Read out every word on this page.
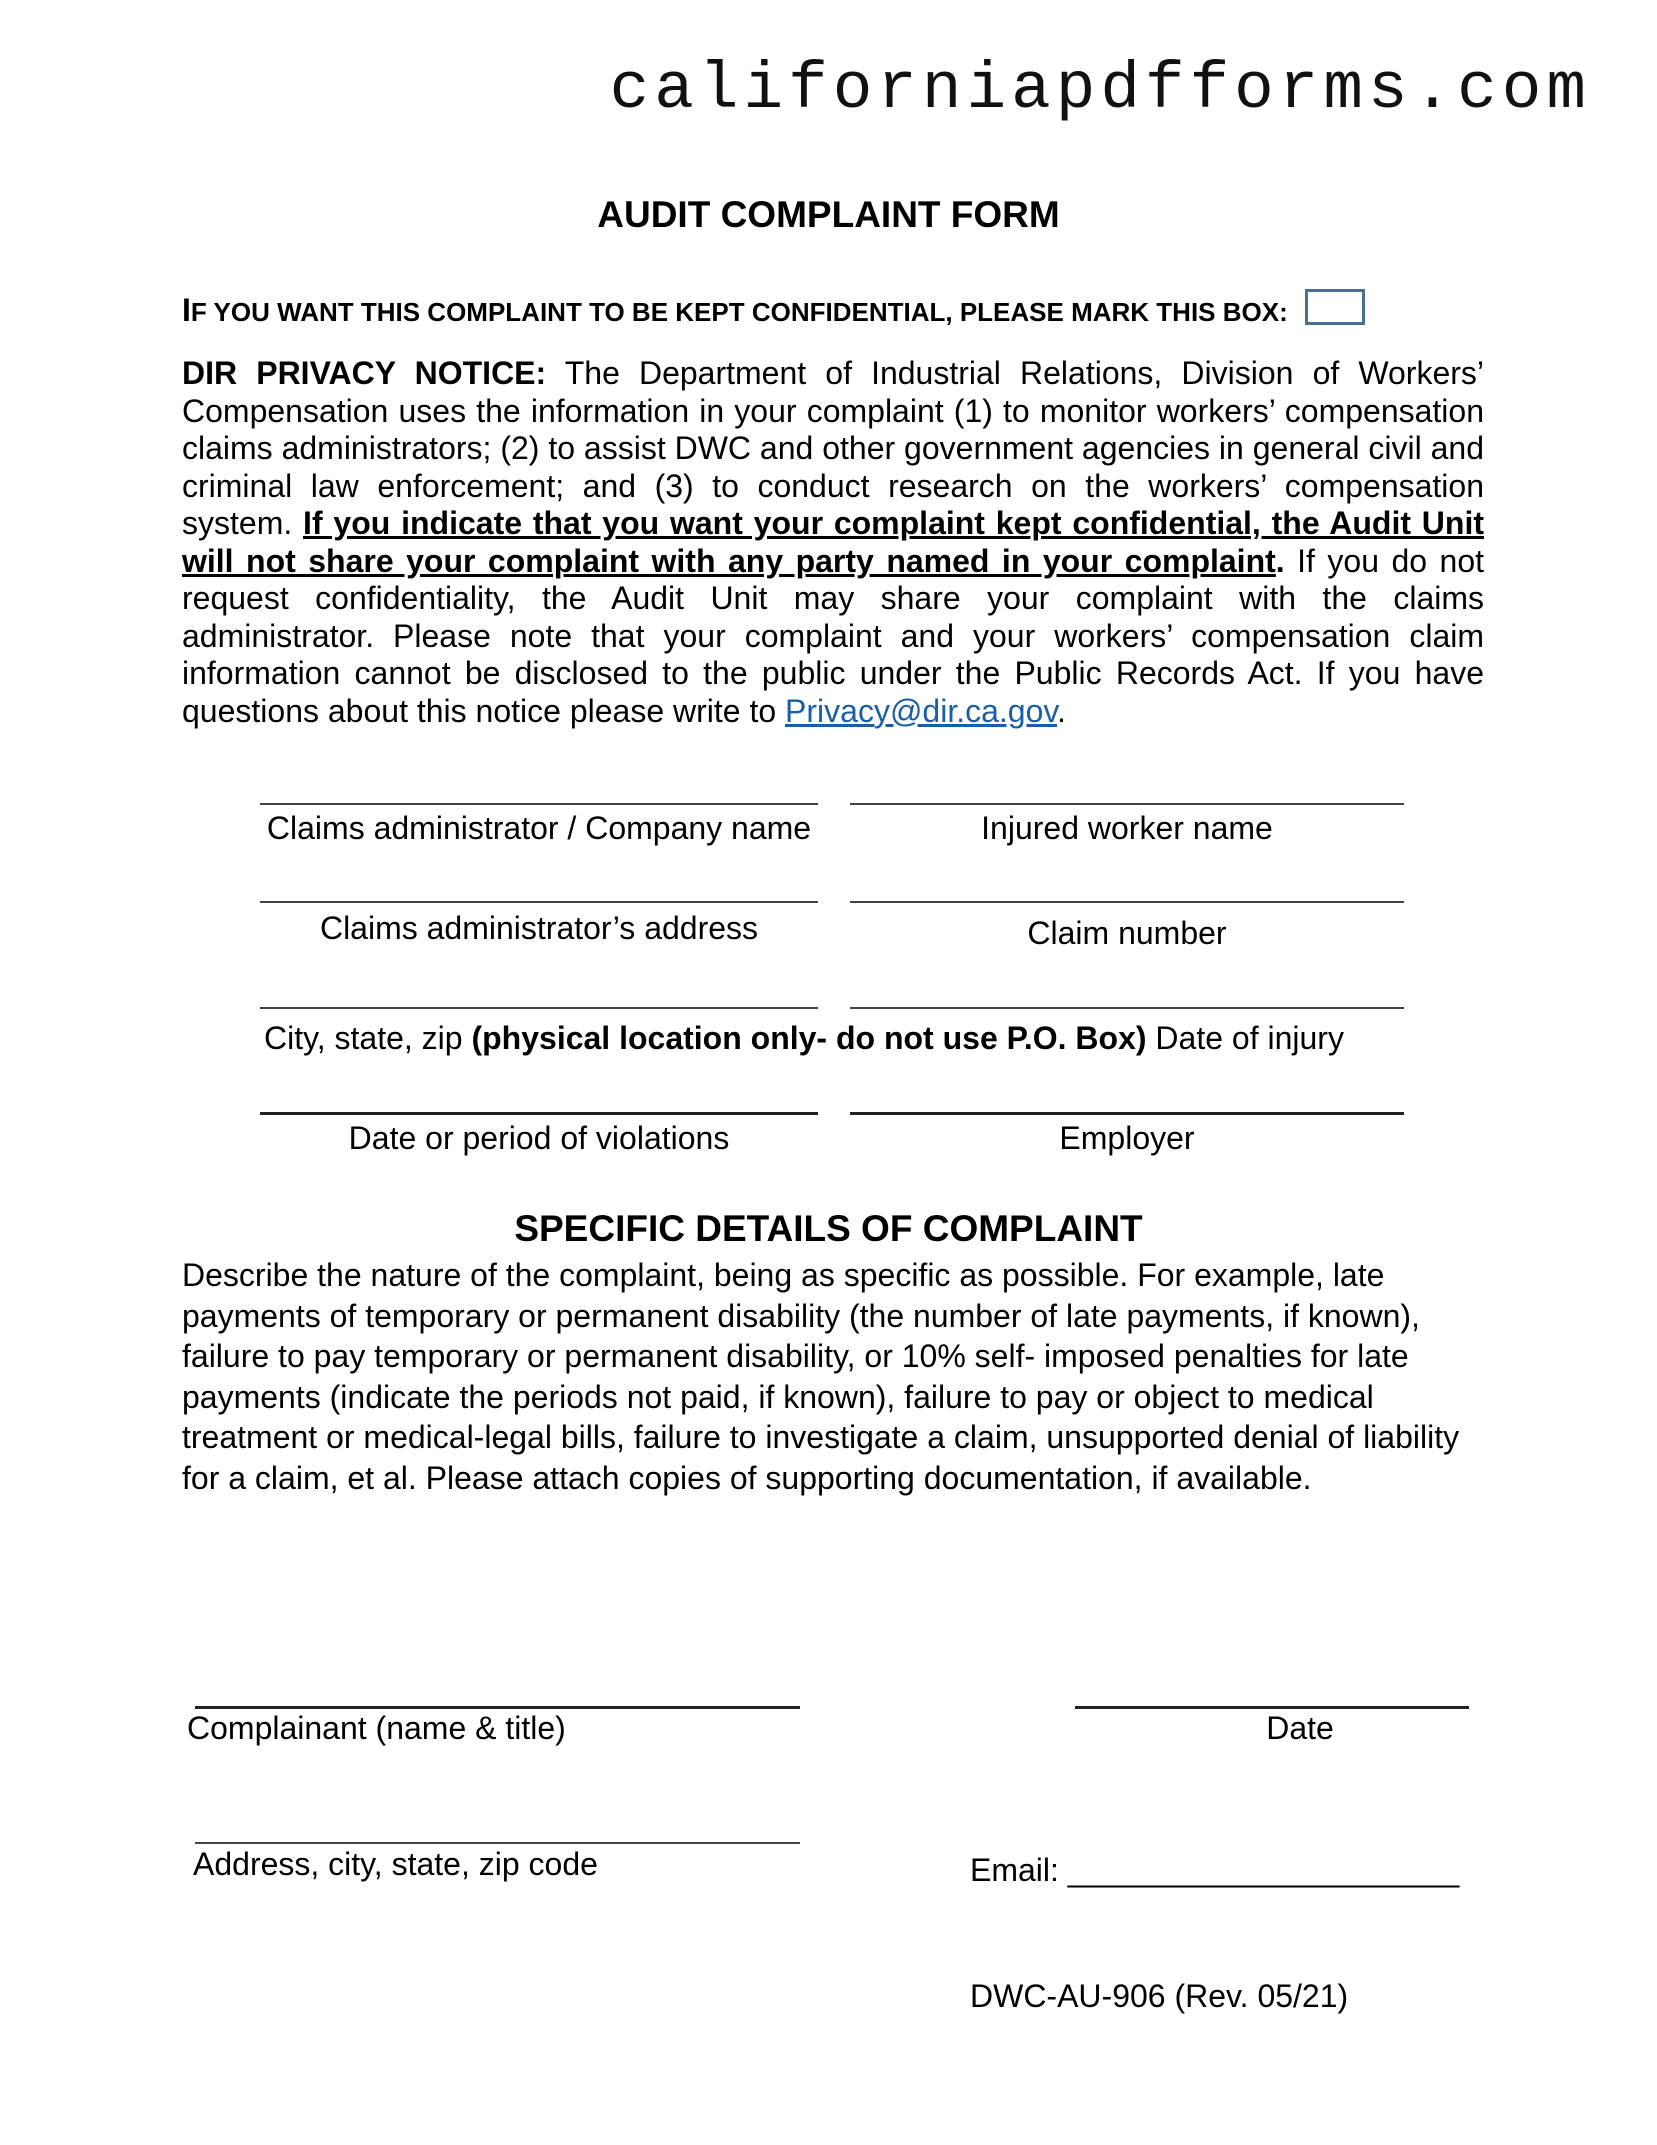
californiapdfforms.com
AUDIT COMPLAINT FORM
IF YOU WANT THIS COMPLAINT TO BE KEPT CONFIDENTIAL, PLEASE MARK THIS BOX:
DIR PRIVACY NOTICE: The Department of Industrial Relations, Division of Workers’ Compensation uses the information in your complaint (1) to monitor workers’ compensation claims administrators; (2) to assist DWC and other government agencies in general civil and criminal law enforcement; and (3) to conduct research on the workers’ compensation system. If you indicate that you want your complaint kept confidential, the Audit Unit will not share your complaint with any party named in your complaint. If you do not request confidentiality, the Audit Unit may share your complaint with the claims administrator. Please note that your complaint and your workers’ compensation claim information cannot be disclosed to the public under the Public Records Act. If you have questions about this notice please write to Privacy@dir.ca.gov.
Claims administrator / Company name	Injured worker name
Claims administrator’s address	Claim number
City, state, zip (physical location only- do not use P.O. Box) Date of injury
Date or period of violations	Employer
SPECIFIC DETAILS OF COMPLAINT
Describe the nature of the complaint, being as specific as possible. For example, late
payments of temporary or permanent disability (the number of late payments, if known),
failure to pay temporary or permanent disability, or 10% self- imposed penalties for late
payments (indicate the periods not paid, if known), failure to pay or object to medical
treatment or medical-legal bills, failure to investigate a claim, unsupported denial of liability
for a claim, et al. Please attach copies of supporting documentation, if available.
Complainant (name & title)	Date
Address, city, state, zip code	Email: ______________________
DWC-AU-906 (Rev. 05/21)
